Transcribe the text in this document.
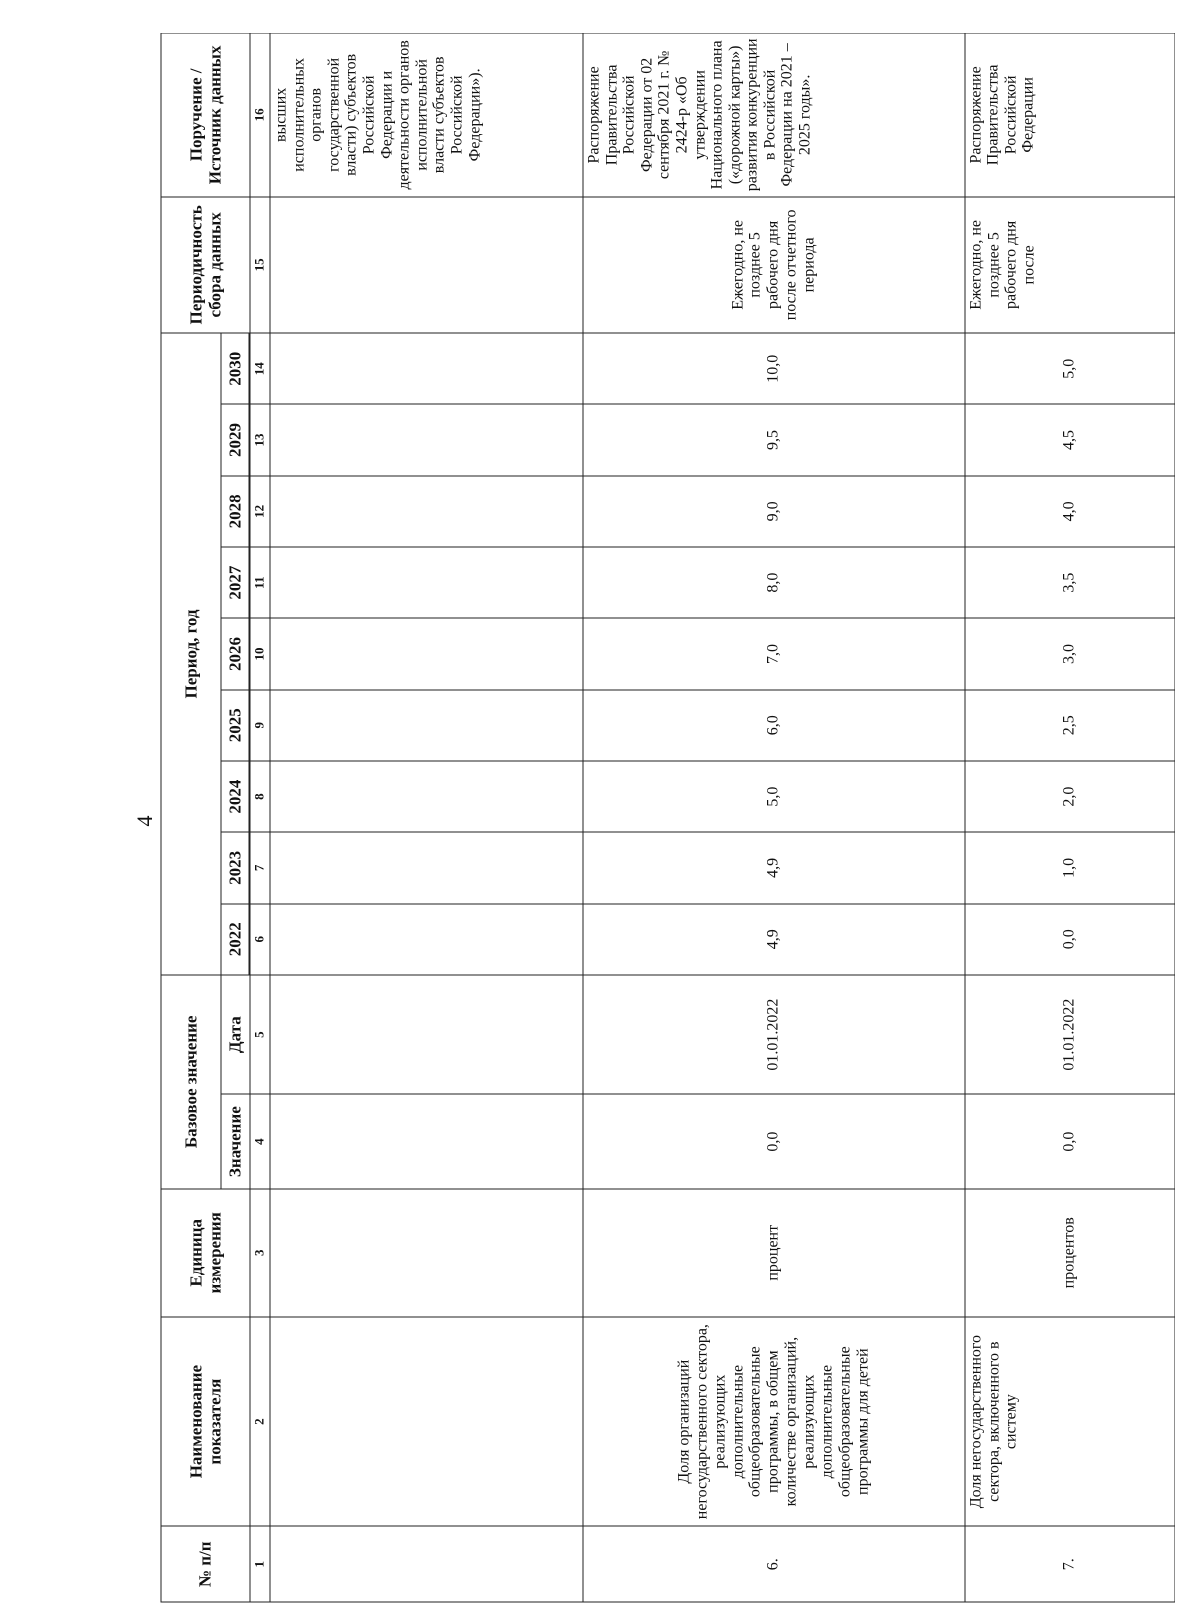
4
№ п/п	Наименование показателя	Единица измерения	Базовое значение		Период, год									Периодичность сбора данных	Поручение / Источник данных
			Значение	Дата	2022	2023	2024	2025	2026	2027	2028	2029	2030		

1	2	3	4	5	6	7	8	9	10	11	12	13	14	15	16
															высших исполнительных органов государственной власти) субъектов Российской Федерации и деятельности органов исполнительной власти субъектов Российской Федерации»).
6.	Доля организаций негосударственного сектора, реализующих дополнительные общеобразовательные программы, в общем количестве организаций, реализующих дополнительные общеобразовательные программы для детей	процент	0,0	01.01.2022	4,9	4,9	5,0	6,0	7,0	8,0	9,0	9,5	10,0	Ежегодно, не позднее 5 рабочего дня после отчетного периода	Распоряжение Правительства Российской Федерации от 02 сентября 2021 г. № 2424-р «Об утверждении Национального плана («дорожной карты») развития конкуренции в Российской Федерации на 2021 – 2025 годы».
7.	Доля негосударственного сектора, включенного в систему	процентов	0,0	01.01.2022	0,0	1,0	2,0	2,5	3,0	3,5	4,0	4,5	5,0	Ежегодно, не позднее 5 рабочего дня после	Распоряжение Правительства Российской Федерации
